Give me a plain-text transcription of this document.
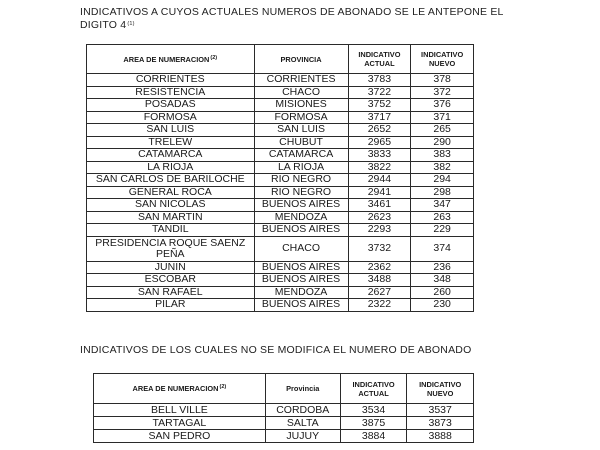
INDICATIVOS A CUYOS ACTUALES NUMEROS DE ABONADO SE LE ANTEPONE EL DIGITO 4$^{(1)}$
AREA DE NUMERACION$^{(2)}$	PROVINCIA	INDICATIVO ACTUAL	INDICATIVO NUEVO
CORRIENTES	CORRIENTES	3783	378
RESISTENCIA	CHACO	3722	372
POSADAS	MISIONES	3752	376
FORMOSA	FORMOSA	3717	371
SAN LUIS	SAN LUIS	2652	265
TRELEW	CHUBUT	2965	290
CATAMARCA	CATAMARCA	3833	383
LA RIOJA	LA RIOJA	3822	382
SAN CARLOS DE BARILOCHE	RIO NEGRO	2944	294
GENERAL ROCA	RIO NEGRO	2941	298
SAN NICOLAS	BUENOS AIRES	3461	347
SAN MARTIN	MENDOZA	2623	263
TANDIL	BUENOS AIRES	2293	229
PRESIDENCIA ROQUE SAENZ PEÑA	CHACO	3732	374
JUNIN	BUENOS AIRES	2362	236
ESCOBAR	BUENOS AIRES	3488	348
SAN RAFAEL	MENDOZA	2627	260
PILAR	BUENOS AIRES	2322	230
INDICATIVOS DE LOS CUALES NO SE MODIFICA EL NUMERO DE ABONADO
AREA DE NUMERACION$^{(2)}$	Provincia	INDICATIVO ACTUAL	INDICATIVO NUEVO
BELL VILLE	CORDOBA	3534	3537
TARTAGAL	SALTA	3875	3873
SAN PEDRO	JUJUY	3884	3888
